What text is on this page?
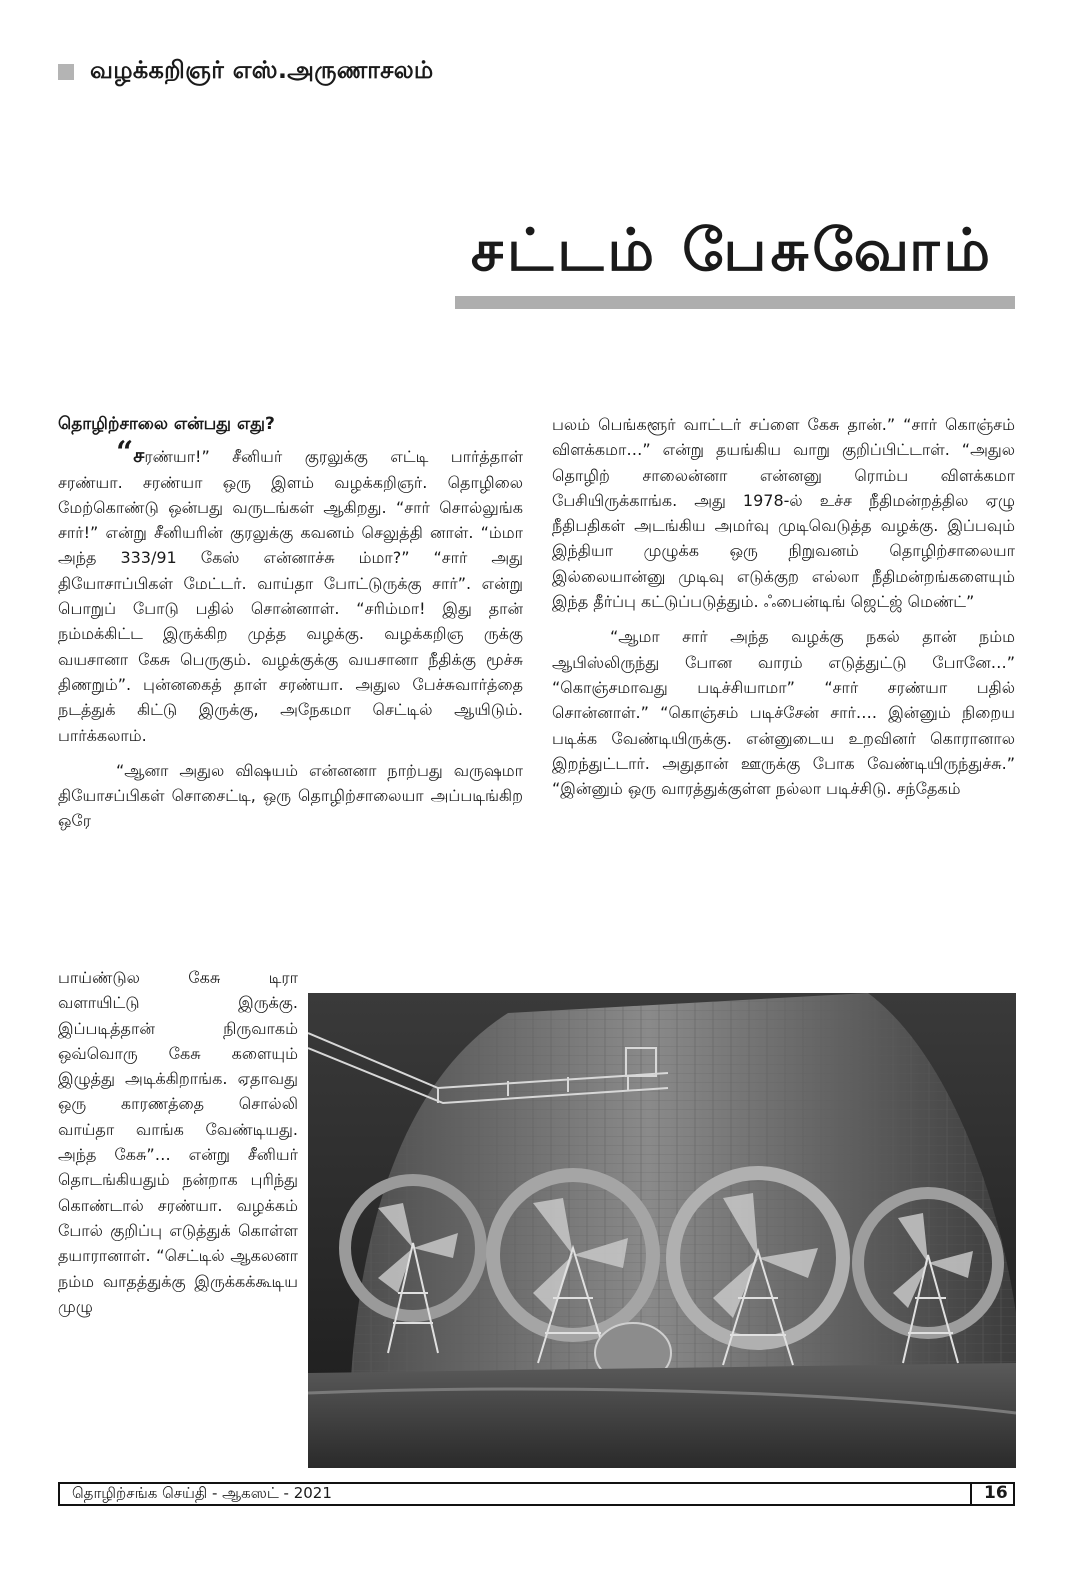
வழக்கறிஞர் எஸ்.அருணாசலம்
சட்டம் பேசுவோம்
தொழிற்சாலை என்பது எது?

“சரண்யா!” சீனியர் குரலுக்கு எட்டி பார்த்தாள் சரண்யா. சரண்யா ஒரு இளம் வழக்கறிஞர். தொழிலை மேற்கொண்டு ஒன்பது வருடங்கள் ஆகிறது. “சார் சொல்லுங்க சார்!” என்று சீனியரின் குரலுக்கு கவனம் செலுத்தி னாள். “ம்மா அந்த 333/91 கேஸ் என்னாச்சு ம்மா?” “சார் அது தியோசாப்பிகள் மேட்டர். வாய்தா போட்டுருக்கு சார்”. என்று பொறுப் போடு பதில் சொன்னாள். “சரிம்மா! இது தான் நம்மக்கிட்ட இருக்கிற முத்த வழக்கு. வழக்கறிஞ ருக்கு வயசானா கேசு பெருகும். வழக்குக்கு வயசானா நீதிக்கு மூச்சு திணறும்”. புன்னகைத் தாள் சரண்யா. அதுல பேச்சுவார்த்தை நடத்துக் கிட்டு இருக்கு, அநேகமா செட்டில் ஆயிடும். பார்க்கலாம்.

“ஆனா அதுல விஷயம் என்னனா நாற்பது வருஷமா தியோசப்பிகள் சொசைட்டி, ஒரு தொழிற்சாலையா அப்படிங்கிற ஒரே

பாய்ண்டுல கேசு டிரா வளாயிட்டு இருக்கு. இப்படித்தான் நிருவாகம் ஒவ்வொரு கேசு களையும் இழுத்து அடிக்கிறாங்க. ஏதாவது ஒரு காரணத்தை சொல்லி வாய்தா வாங்க வேண்டியது. அந்த கேசு”… என்று சீனியர் தொடங்கியதும் நன்றாக புரிந்து கொண்டால் சரண்யா. வழக்கம் போல் குறிப்பு எடுத்துக் கொள்ள தயாரானாள். “செட்டில் ஆகலனா நம்ம வாதத்துக்கு இருக்கக்கூடிய முழு

பலம் பெங்களூர் வாட்டர் சப்ளை கேசு தான்.” “சார் கொஞ்சம் விளக்கமா…” என்று தயங்கிய வாறு குறிப்பிட்டாள். “அதுல தொழிற் சாலைன்னா என்னனு ரொம்ப விளக்கமா பேசியிருக்காங்க. அது 1978-ல் உச்ச நீதிமன்றத்தில ஏழு நீதிபதிகள் அடங்கிய அமர்வு முடிவெடுத்த வழக்கு. இப்பவும் இந்தியா முழுக்க ஒரு நிறுவனம் தொழிற்சாலையா இல்லையான்னு முடிவு எடுக்குற எல்லா நீதிமன்றங்களையும் இந்த தீர்ப்பு கட்டுப்படுத்தும். ஃபைன்டிங் ஜெட்ஜ் மெண்ட்”

“ஆமா சார் அந்த வழக்கு நகல் தான் நம்ம ஆபிஸ்லிருந்து போன வாரம் எடுத்துட்டு போனே…” “கொஞ்சமாவது படிச்சியாமா” “சார் சரண்யா பதில் சொன்னாள்.” “கொஞ்சம் படிச்சேன் சார்…. இன்னும் நிறைய படிக்க வேண்டியிருக்கு. என்னுடைய உறவினர் கொரானால இறந்துட்டார். அதுதான் ஊருக்கு போக வேண்டியிருந்துச்சு.” “இன்னும் ஒரு வாரத்துக்குள்ள நல்லா படிச்சிடு. சந்தேகம்

தொழிற்சங்க செய்தி - ஆகஸட் - 2021	16
